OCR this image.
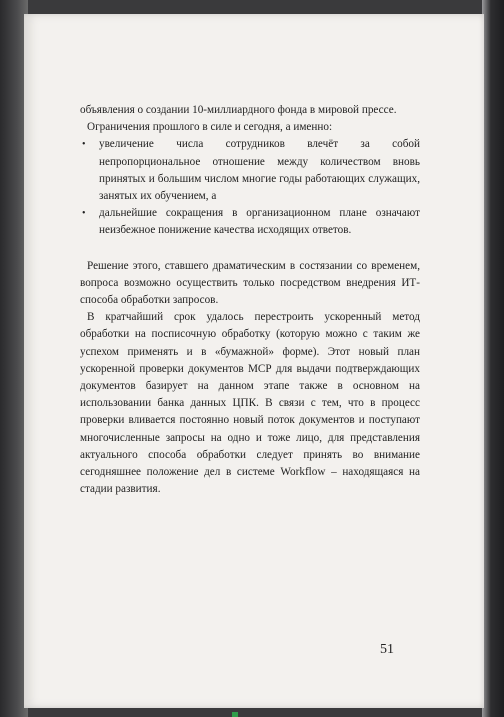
объявления о создании 10-миллиардного фонда в мировой прессе.

Ограничения прошлого в силе и сегодня, а именно:

• увеличение числа сотрудников влечёт за собой непропорциональное отношение между количеством вновь принятых и большим числом многие годы работающих служащих, занятых их обучением, а
• дальнейшие сокращения в организационном плане означают неизбежное понижение качества исходящих ответов.

Решение этого, ставшего драматическим в состязании со временем, вопроса возможно осуществить только посредством внедрения ИТ-способа обработки запросов.

В кратчайший срок удалось перестроить ускоренный метод обработки на посписочную обработку (которую можно с таким же успехом применять и в «бумажной» форме). Этот новый план ускоренной проверки документов МСР для выдачи подтверждающих документов базирует на данном этапе также в основном на использовании банка данных ЦПК. В связи с тем, что в процесс проверки вливается постоянно новый поток документов и поступают многочисленные запросы на одно и тоже лицо, для представления актуального способа обработки следует принять во внимание сегодняшнее положение дел в системе Workflow – находящаяся на стадии развития.

51
